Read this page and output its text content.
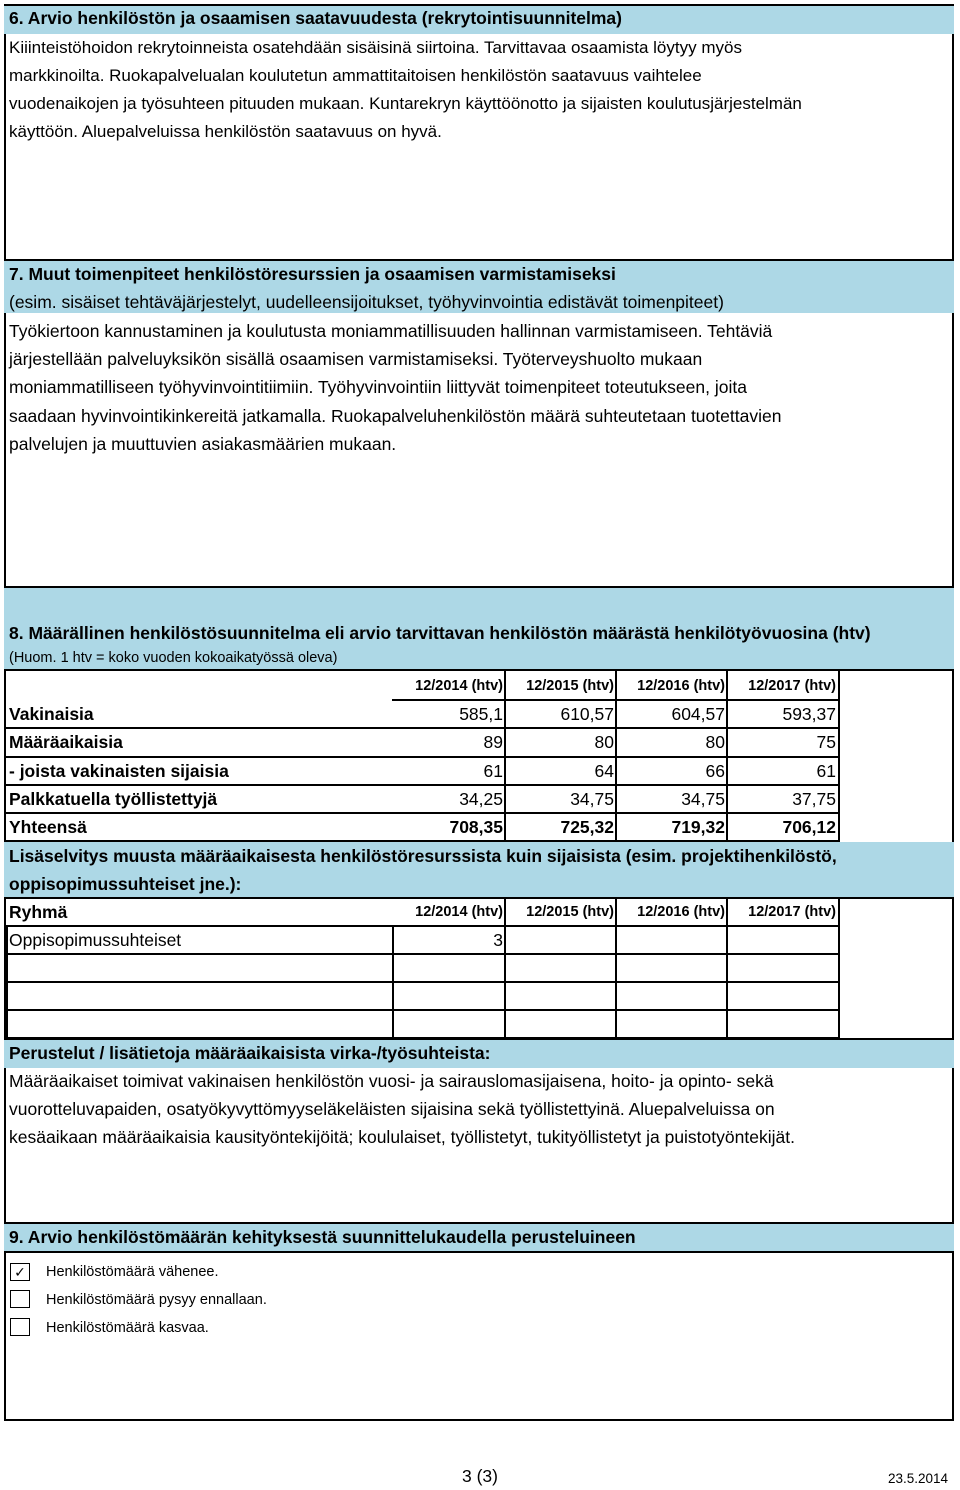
6. Arvio henkilöstön ja osaamisen saatavuudesta (rekrytointisuunnitelma)
Kiiinteistöhoidon rekrytoinneista osatehdään sisäisinä siirtoina. Tarvittavaa osaamista löytyy myös
markkinoilta. Ruokapalvelualan koulutetun ammattitaitoisen henkilöstön saatavuus vaihtelee
vuodenaikojen ja työsuhteen pituuden mukaan. Kuntarekryn käyttöönotto ja sijaisten koulutusjärjestelmän
käyttöön. Aluepalveluissa henkilöstön saatavuus on hyvä.
7. Muut toimenpiteet henkilöstöresurssien ja osaamisen varmistamiseksi
(esim. sisäiset tehtäväjärjestelyt, uudelleensijoitukset, työhyvinvointia edistävät toimenpiteet)
Työkiertoon kannustaminen ja koulutusta moniammatillisuuden hallinnan varmistamiseen. Tehtäviä
järjestellään palveluyksikön sisällä osaamisen varmistamiseksi. Työterveyshuolto mukaan
moniammatilliseen työhyvinvointitiimiin. Työhyvinvointiin liittyvät toimenpiteet toteutukseen, joita
saadaan hyvinvointikinkereitä jatkamalla. Ruokapalveluhenkilöstön määrä suhteutetaan tuotettavien
palvelujen ja muuttuvien asiakasmäärien mukaan.
8. Määrällinen henkilöstösuunnitelma eli arvio tarvittavan henkilöstön määrästä henkilötyövuosina (htv)
(Huom. 1 htv = koko vuoden kokoaikatyössä oleva)
12/2014 (htv)	12/2015 (htv)	12/2016 (htv)	12/2017 (htv)
Vakinaisia	585,1	610,57	604,57	593,37
Määräaikaisia	89	80	80	75
- joista vakinaisten sijaisia	61	64	66	61
Palkkatuella työllistettyjä	34,25	34,75	34,75	37,75
Yhteensä	708,35	725,32	719,32	706,12
Lisäselvitys muusta määräaikaisesta henkilöstöresurssista kuin sijaisista (esim. projektihenkilöstö,
oppisopimussuhteiset jne.):
Ryhmä	12/2014 (htv)	12/2015 (htv)	12/2016 (htv)	12/2017 (htv)
Oppisopimussuhteiset	3
Perustelut / lisätietoja määräaikaisista virka-/työsuhteista:
Määräaikaiset toimivat vakinaisen henkilöstön vuosi- ja sairauslomasijaisena, hoito- ja opinto- sekä
vuorotteluvapaiden, osatyökyvyttömyyseläkeläisten sijaisina sekä työllistettyinä. Aluepalveluissa on
kesäaikaan määräaikaisia kausityöntekijöitä; koululaiset, työllistetyt, tukityöllistetyt ja puistotyöntekijät.
9. Arvio henkilöstömäärän kehityksestä suunnittelukaudella perusteluineen
✓ Henkilöstömäärä vähenee.
Henkilöstömäärä pysyy ennallaan.
Henkilöstömäärä kasvaa.
3 (3)	23.5.2014
